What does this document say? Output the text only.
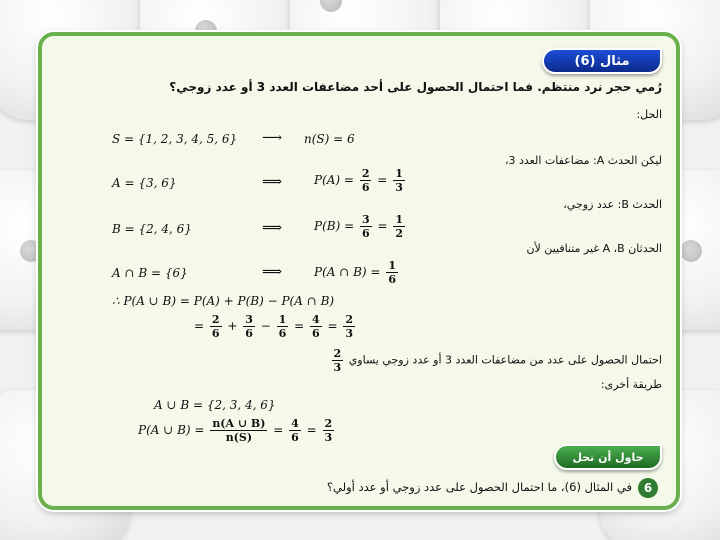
مثال (6)
رُمي حجر نرد منتظم. فما احتمال الحصول على أحد مضاعفات العدد 3 أو عدد زوجي؟
الحل:
S = {1, 2, 3, 4, 5, 6} ⟶ n(S) = 6
ليكن الحدث A: مضاعفات العدد 3،
A = {3, 6}	⟹	$P(A) = \frac{2}{6} = \frac{1}{3}$
الحدث B: عدد زوجي،
B = {2, 4, 6}	⟹	$P(B) = \frac{3}{6} = \frac{1}{2}$
الحدثان A ،B غير متنافيين لأن
A ∩ B = {6}	⟹	P(A ∩ $B) = \frac{1}{6}$
∴ P(A ∪ B) = P(A) + P(B) − P(A ∩ B)
= $\frac{2}{6} + \frac{3}{6} - \frac{1}{6} = \frac{4}{6} = \frac{2}{3}$
احتمال الحصول على عدد من مضاعفات العدد 3 أو عدد زوجي يساوي
$\frac{2}{3}$
طريقة أخرى:
A ∪ B = {2, 3, 4, 6}
P(A ∪ $B) = \frac{n(A \cup B)}{n(S)} = \frac{4}{6} = \frac{2}{3}$
حاول أن تحل
6
في المثال (6)، ما احتمال الحصول على عدد زوجي أو عدد أولي؟
